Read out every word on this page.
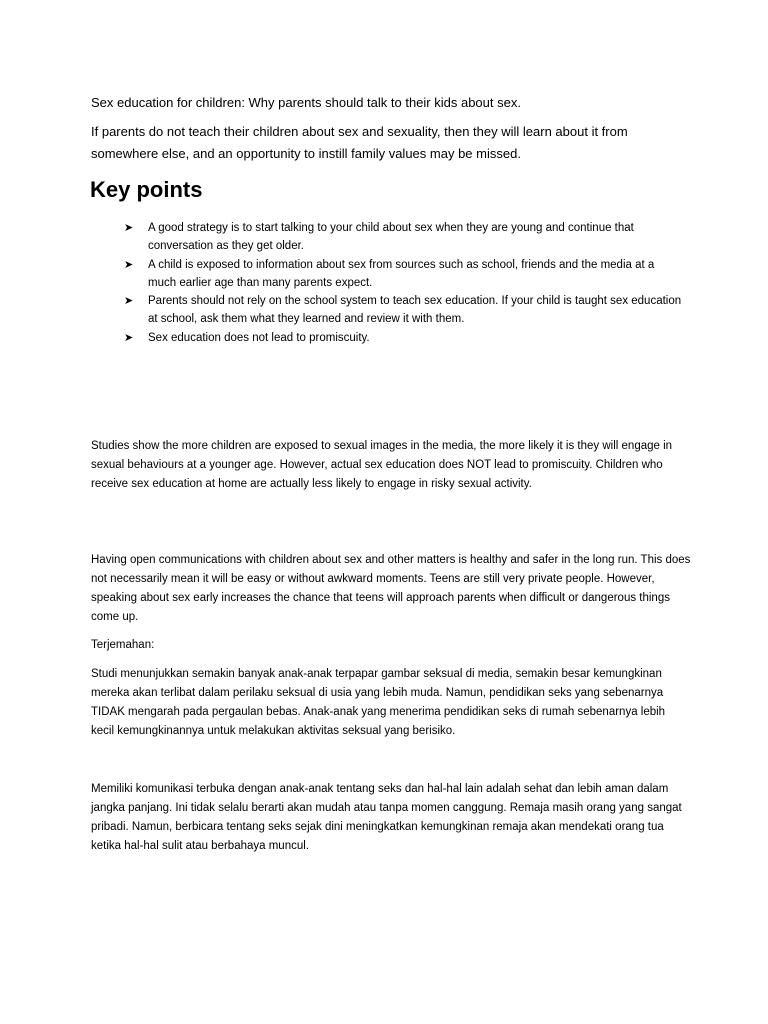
Sex education for children: Why parents should talk to their kids about sex.

If parents do not teach their children about sex and sexuality, then they will learn about it from somewhere else, and an opportunity to instill family values may be missed.

Key points
➤ A good strategy is to start talking to your child about sex when they are young and continue that conversation as they get older.
➤ A child is exposed to information about sex from sources such as school, friends and the media at a much earlier age than many parents expect.
➤ Parents should not rely on the school system to teach sex education. If your child is taught sex education at school, ask them what they learned and review it with them.
➤ Sex education does not lead to promiscuity.

Studies show the more children are exposed to sexual images in the media, the more likely it is they will engage in sexual behaviours at a younger age. However, actual sex education does NOT lead to promiscuity. Children who receive sex education at home are actually less likely to engage in risky sexual activity.

Having open communications with children about sex and other matters is healthy and safer in the long run. This does not necessarily mean it will be easy or without awkward moments. Teens are still very private people. However, speaking about sex early increases the chance that teens will approach parents when difficult or dangerous things come up.

Terjemahan:

Studi menunjukkan semakin banyak anak-anak terpapar gambar seksual di media, semakin besar kemungkinan mereka akan terlibat dalam perilaku seksual di usia yang lebih muda. Namun, pendidikan seks yang sebenarnya TIDAK mengarah pada pergaulan bebas. Anak-anak yang menerima pendidikan seks di rumah sebenarnya lebih kecil kemungkinannya untuk melakukan aktivitas seksual yang berisiko.

Memiliki komunikasi terbuka dengan anak-anak tentang seks dan hal-hal lain adalah sehat dan lebih aman dalam jangka panjang. Ini tidak selalu berarti akan mudah atau tanpa momen canggung. Remaja masih orang yang sangat pribadi. Namun, berbicara tentang seks sejak dini meningkatkan kemungkinan remaja akan mendekati orang tua ketika hal-hal sulit atau berbahaya muncul.
